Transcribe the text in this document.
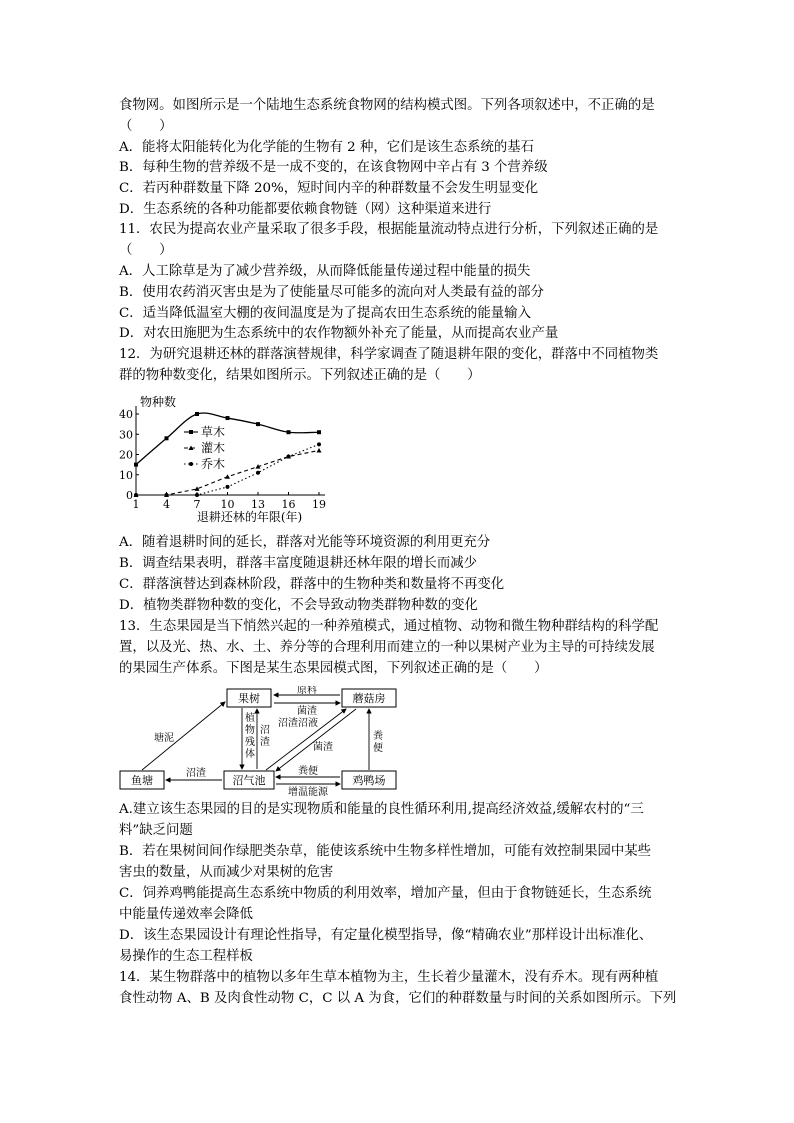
食物网。如图所示是一个陆地生态系统食物网的结构模式图。下列各项叙述中，不正确的是
（　　）
A．能将太阳能转化为化学能的生物有 2 种，它们是该生态系统的基石
B．每种生物的营养级不是一成不变的，在该食物网中辛占有 3 个营养级
C．若丙种群数量下降 20%，短时间内辛的种群数量不会发生明显变化
D．生态系统的各种功能都要依赖食物链（网）这种渠道来进行
11．农民为提高农业产量采取了很多手段，根据能量流动特点进行分析，下列叙述正确的是
（　　）
A．人工除草是为了减少营养级，从而降低能量传递过程中能量的损失
B．使用农药消灭害虫是为了使能量尽可能多的流向对人类最有益的部分
C．适当降低温室大棚的夜间温度是为了提高农田生态系统的能量输入
D．对农田施肥为生态系统中的农作物额外补充了能量，从而提高农业产量
12．为研究退耕还林的群落演替规律，科学家调查了随退耕年限的变化，群落中不同植物类
群的物种数变化，结果如图所示。下列叙述正确的是（　　）
A．随着退耕时间的延长，群落对光能等环境资源的利用更充分
B．调查结果表明，群落丰富度随退耕还林年限的增长而减少
C．群落演替达到森林阶段，群落中的生物种类和数量将不再变化
D．植物类群物种数的变化，不会导致动物类群物种数的变化
13．生态果园是当下悄然兴起的一种养殖模式，通过植物、动物和微生物种群结构的科学配
置，以及光、热、水、土、养分等的合理利用而建立的一种以果树产业为主导的可持续发展
的果园生产体系。下图是某生态果园模式图，下列叙述正确的是（　　）
A.建立该生态果园的目的是实现物质和能量的良性循环利用,提高经济效益,缓解农村的“三
料”缺乏问题
B．若在果树间间作绿肥类杂草，能使该系统中生物多样性增加，可能有效控制果园中某些
害虫的数量，从而减少对果树的危害
C．饲养鸡鸭能提高生态系统中物质的利用效率，增加产量，但由于食物链延长，生态系统
中能量传递效率会降低
D．该生态果园设计有理论性指导，有定量化模型指导，像“精确农业”那样设计出标准化、
易操作的生态工程样板
14．某生物群落中的植物以多年生草本植物为主，生长着少量灌木，没有乔木。现有两种植
食性动物 A、B 及肉食性动物 C，C 以 A 为食，它们的种群数量与时间的关系如图所示。下列
0
10
20
30
40
1 4 7 10 13 16 19
物种数
退耕还林的年限(年)
草木
灌木
乔木
果树	蘑菇房
鱼塘	沼气池	鸡鸭场
原料
菌渣
植物残体
沼渣
沼渣沼液
菌渣
粪便
塘泥
沼渣	粪便
增温能源
